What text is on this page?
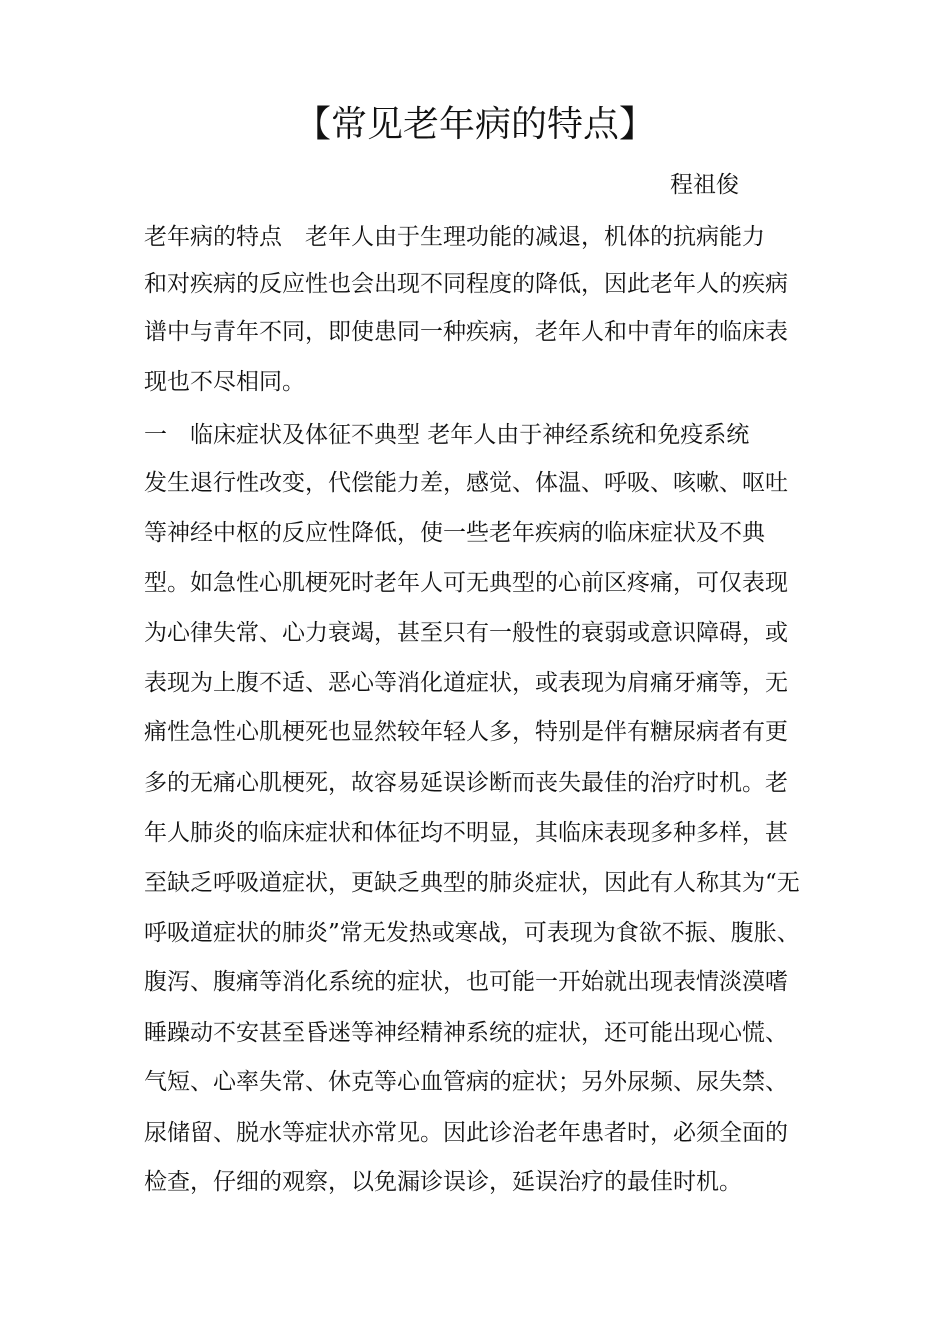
【常见老年病的特点】
程祖俊
老年病的特点　老年人由于生理功能的减退，机体的抗病能力
和对疾病的反应性也会出现不同程度的降低，因此老年人的疾病
谱中与青年不同，即使患同一种疾病，老年人和中青年的临床表
现也不尽相同。
一　临床症状及体征不典型 老年人由于神经系统和免疫系统
发生退行性改变，代偿能力差，感觉、体温、呼吸、咳嗽、呕吐
等神经中枢的反应性降低，使一些老年疾病的临床症状及不典
型。如急性心肌梗死时老年人可无典型的心前区疼痛，可仅表现
为心律失常、心力衰竭，甚至只有一般性的衰弱或意识障碍，或
表现为上腹不适、恶心等消化道症状，或表现为肩痛牙痛等，无
痛性急性心肌梗死也显然较年轻人多，特别是伴有糖尿病者有更
多的无痛心肌梗死，故容易延误诊断而丧失最佳的治疗时机。老
年人肺炎的临床症状和体征均不明显，其临床表现多种多样，甚
至缺乏呼吸道症状，更缺乏典型的肺炎症状，因此有人称其为“无
呼吸道症状的肺炎”常无发热或寒战，可表现为食欲不振、腹胀、
腹泻、腹痛等消化系统的症状，也可能一开始就出现表情淡漠嗜
睡躁动不安甚至昏迷等神经精神系统的症状，还可能出现心慌、
气短、心率失常、休克等心血管病的症状；另外尿频、尿失禁、
尿储留、脱水等症状亦常见。因此诊治老年患者时，必须全面的
检查，仔细的观察，以免漏诊误诊，延误治疗的最佳时机。
